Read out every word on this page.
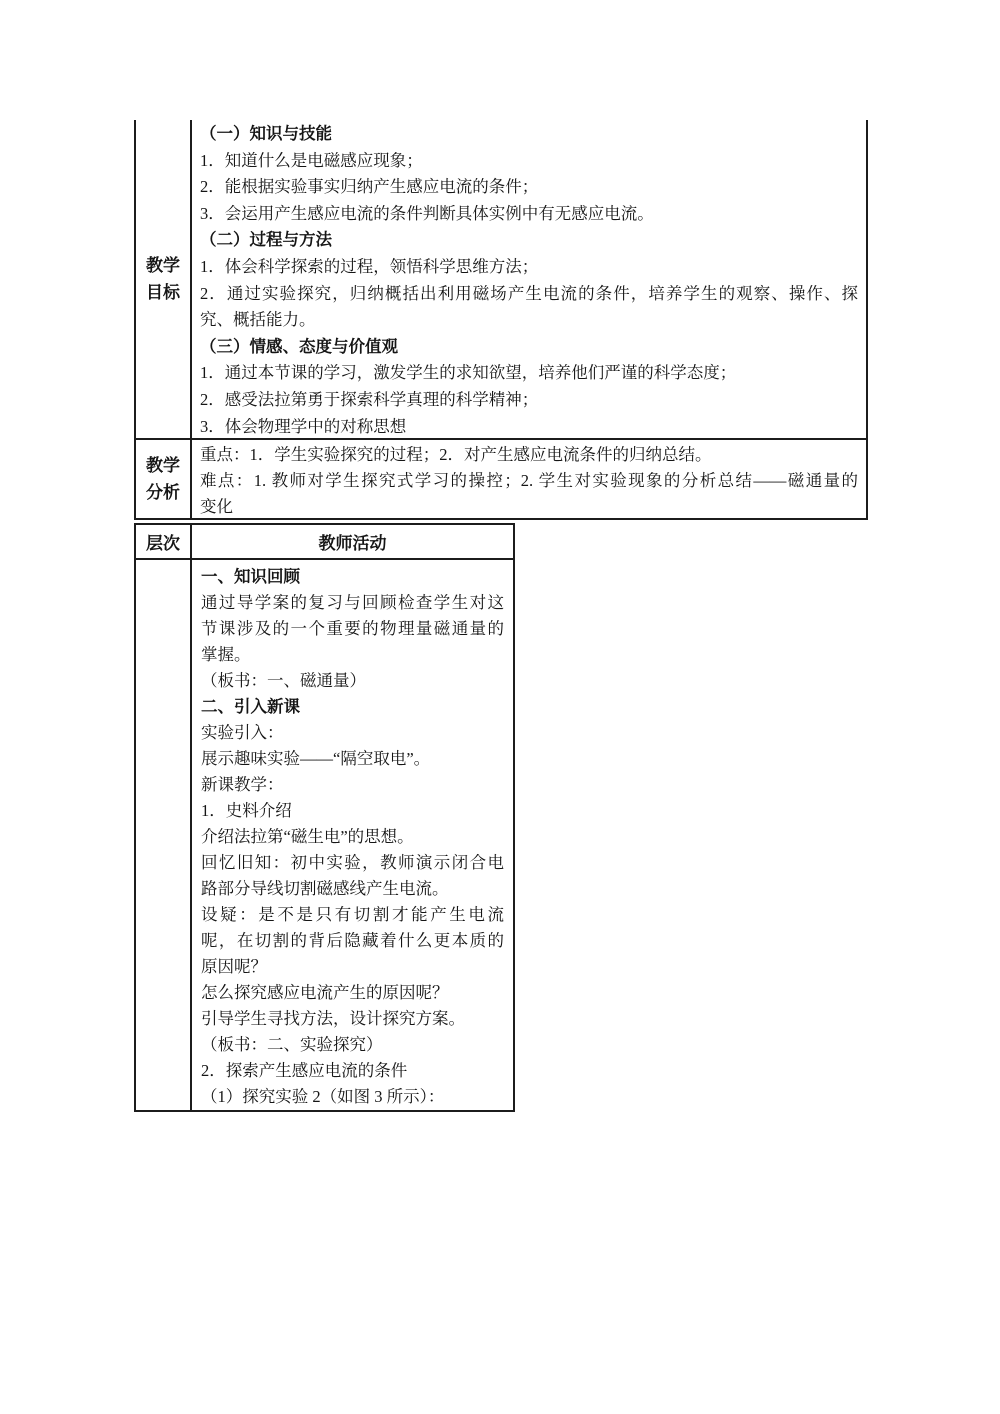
教学
目标
（一）知识与技能
1．知道什么是电磁感应现象；
2．能根据实验事实归纳产生感应电流的条件；
3．会运用产生感应电流的条件判断具体实例中有无感应电流。
（二）过程与方法
1．体会科学探索的过程，领悟科学思维方法；
2．通过实验探究，归纳概括出利用磁场产生电流的条件，培养学生的观察、操作、探
究、概括能力。
（三）情感、态度与价值观
1．通过本节课的学习，激发学生的求知欲望，培养他们严谨的科学态度；
2．感受法拉第勇于探索科学真理的科学精神；
3．体会物理学中的对称思想
教学
分析
重点：1．学生实验探究的过程；2．对产生感应电流条件的归纳总结。
难点：1. 教师对学生探究式学习的操控；2. 学生对实验现象的分析总结——磁通量的
变化
层次	教师活动
一、知识回顾
通过导学案的复习与回顾检查学生对这
节课涉及的一个重要的物理量磁通量的
掌握。
（板书：一、磁通量）
二、引入新课
实验引入：
展示趣味实验——“隔空取电”。
新课教学：
1．史料介绍
介绍法拉第“磁生电”的思想。
回忆旧知：初中实验，教师演示闭合电
路部分导线切割磁感线产生电流。
设疑：是不是只有切割才能产生电流
呢，在切割的背后隐藏着什么更本质的
原因呢？
怎么探究感应电流产生的原因呢？
引导学生寻找方法，设计探究方案。
（板书：二、实验探究）
2．探索产生感应电流的条件
（1）探究实验 2（如图 3 所示）：
